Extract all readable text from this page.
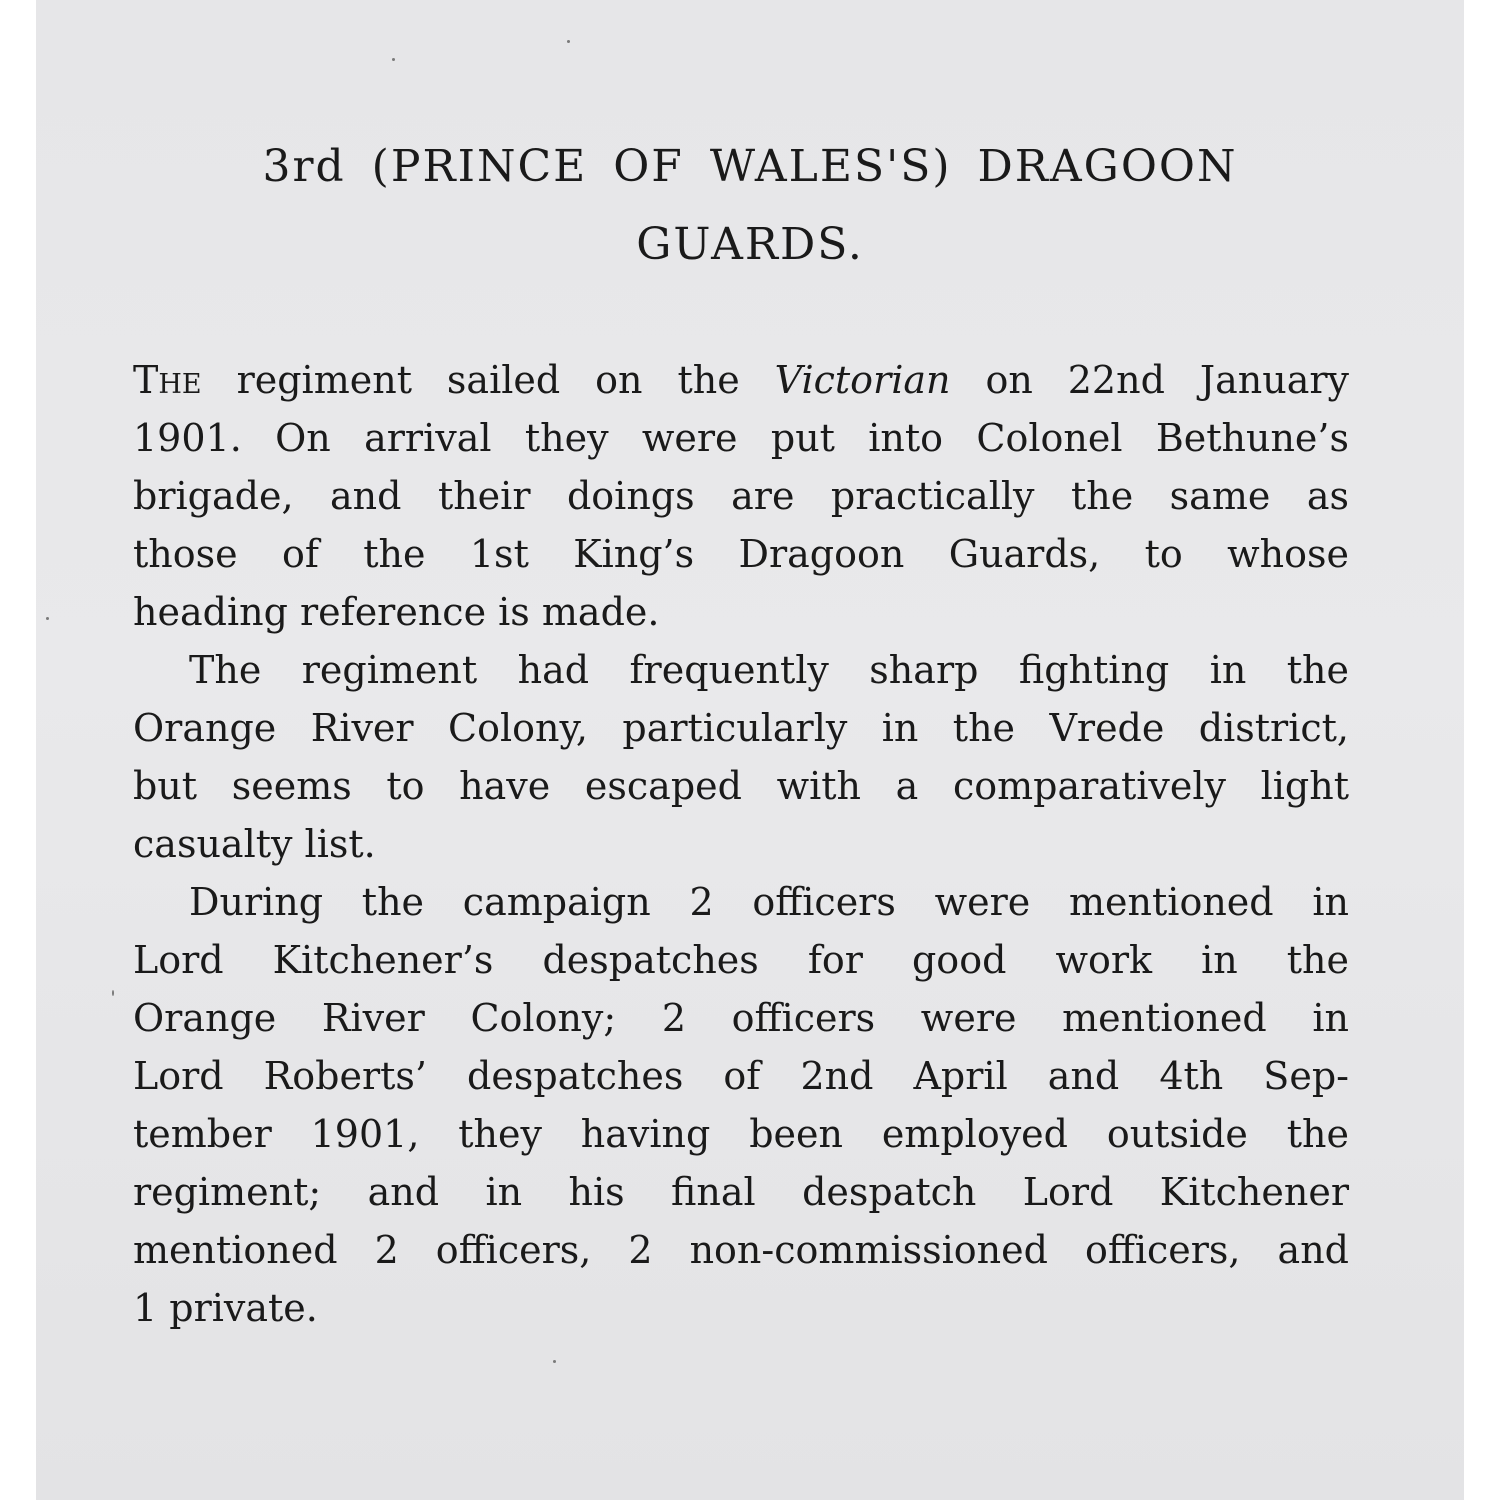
3rd (PRINCE OF WALES'S) DRAGOON
GUARDS.

The regiment sailed on the Victorian on 22nd January
1901. On arrival they were put into Colonel Bethune’s
brigade, and their doings are practically the same as
those of the 1st King’s Dragoon Guards, to whose
heading reference is made.

The regiment had frequently sharp fighting in the
Orange River Colony, particularly in the Vrede district,
but seems to have escaped with a comparatively light
casualty list.

During the campaign 2 officers were mentioned in
Lord Kitchener’s despatches for good work in the
Orange River Colony; 2 officers were mentioned in
Lord Roberts’ despatches of 2nd April and 4th Sep-
tember 1901, they having been employed outside the
regiment; and in his final despatch Lord Kitchener
mentioned 2 officers, 2 non-commissioned officers, and
1 private.
